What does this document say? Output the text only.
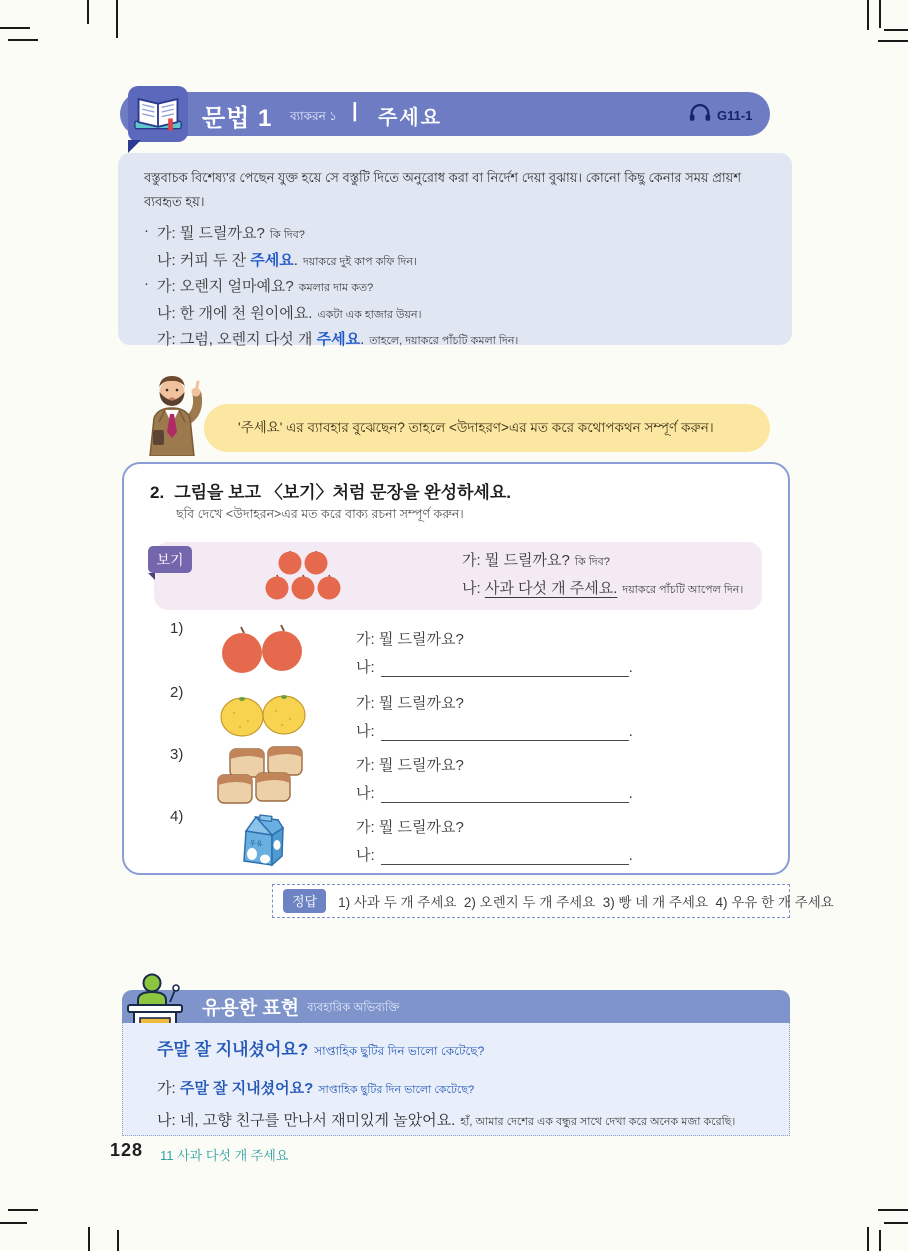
문법 1 ব্যাকরন ১ | 주세요	G11-1
বস্তুবাচক বিশেষ্য'র পেছেন যুক্ত হয়ে সে বস্তুটি দিতে অনুরোধ করা বা নির্দেশ দেয়া বুঝায়। কোনো কিছু কেনার সময় প্রায়শ ব্যবহৃত হয়।
· 가: 뭘 드릴까요? কি দিব?
나: 커피 두 잔 주세요. দয়াকরে দুই কাপ কফি দিন।
· 가: 오렌지 얼마예요? কমলার দাম কত?
나: 한 개에 천 원이에요. একটা এক হাজার উয়ন।
가: 그럼, 오렌지 다섯 개 주세요. তাহলে, দয়াকরে পাঁচটি কমলা দিন।
'주세요' এর ব্যাবহার বুঝেছেন? তাহলে <উদাহরণ>এর মত করে কথোপকথন সম্পূর্ণ করুন।
2. 그림을 보고 〈보기〉처럼 문장을 완성하세요.
ছবি দেখে <উদাহরন>এর মত করে বাক্য রচনা সম্পূর্ণ করুন।
보기	가: 뭘 드릴까요? কি দিব?
나: 사과 다섯 개 주세요. দয়াকরে পাঁচটি আপেল দিন।
1)
가: 뭘 드릴까요?
나:	.
2)
가: 뭘 드릴까요?
나:	.
3)
가: 뭘 드릴까요?
나:	.
4)
우유
가: 뭘 드릴까요?
나:	.
정답	1) 사과 두 개 주세요  2) 오렌지 두 개 주세요  3) 빵 네 개 주세요  4) 우유 한 개 주세요
유용한 표현 ব্যবহারিক অভিব্যক্তি
주말 잘 지내셨어요? সাপ্তাহিক ছুটির দিন ভালো কেটেছে?
가: 주말 잘 지내셨어요? সাপ্তাহিক ছুটির দিন ভালো কেটেছে?
나: 네, 고향 친구를 만나서 재미있게 놀았어요. হাঁ, আমার দেশের এক বন্ধুর সাথে দেখা করে অনেক মজা করেছি।
128 11 사과 다섯 개 주세요
